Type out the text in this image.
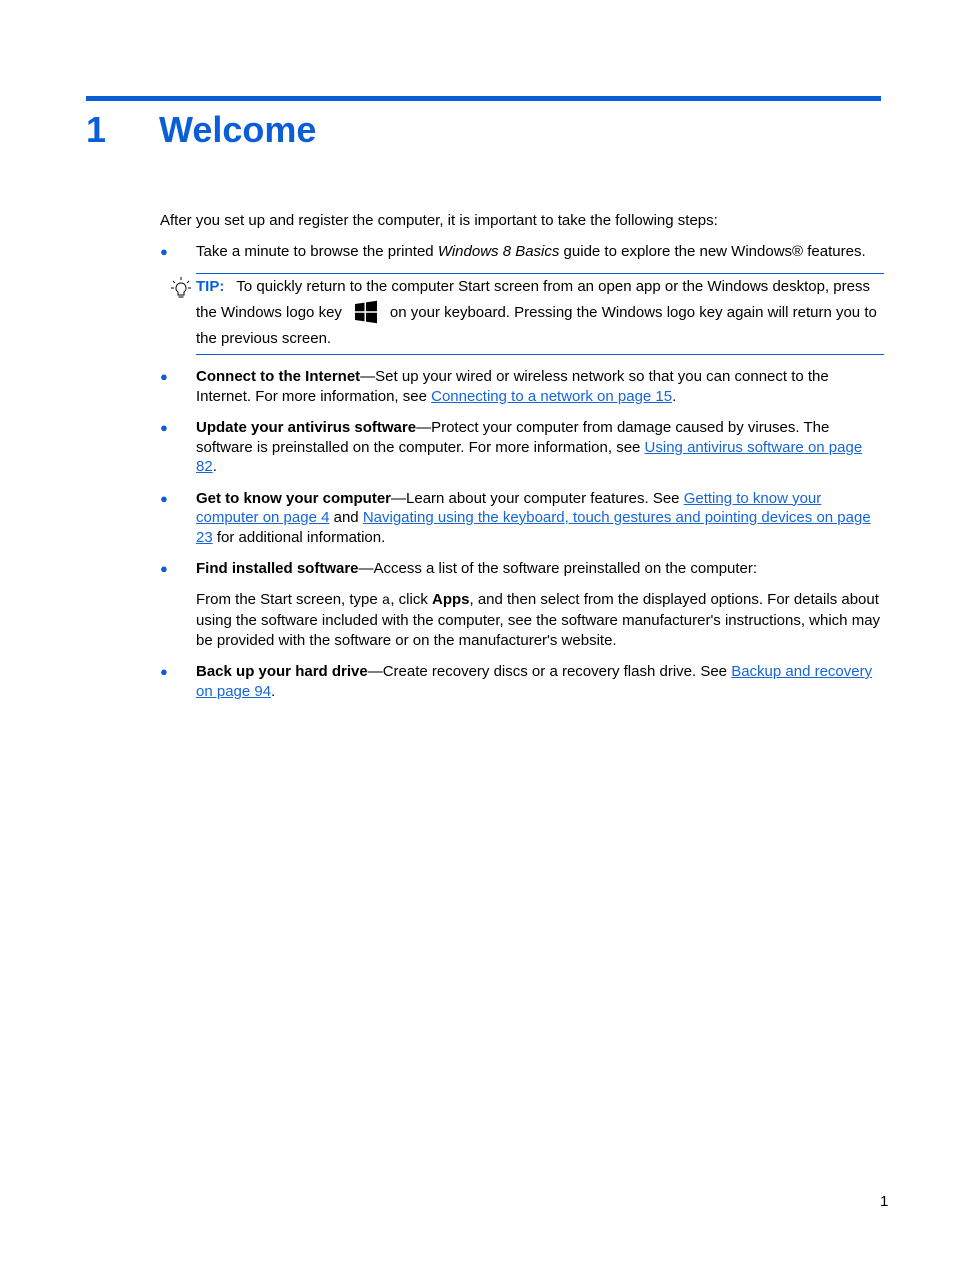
1 Welcome

After you set up and register the computer, it is important to take the following steps:

● Take a minute to browse the printed Windows 8 Basics guide to explore the new Windows® features.

TIP: To quickly return to the computer Start screen from an open app or the Windows desktop, press the Windows logo key	on your keyboard. Pressing the Windows logo key again will return you to the previous screen.
● Connect to the Internet—Set up your wired or wireless network so that you can connect to the Internet. For more information, see Connecting to a network on page 15.

● Update your antivirus software—Protect your computer from damage caused by viruses. The software is preinstalled on the computer. For more information, see Using antivirus software on page 82.

● Get to know your computer—Learn about your computer features. See Getting to know your computer on page 4 and Navigating using the keyboard, touch gestures and pointing devices on page 23 for additional information.

● Find installed software—Access a list of the software preinstalled on the computer:

From the Start screen, type a, click Apps, and then select from the displayed options. For details about using the software included with the computer, see the software manufacturer's instructions, which may be provided with the software or on the manufacturer's website.

● Back up your hard drive—Create recovery discs or a recovery flash drive. See Backup and recovery on page 94.

1
